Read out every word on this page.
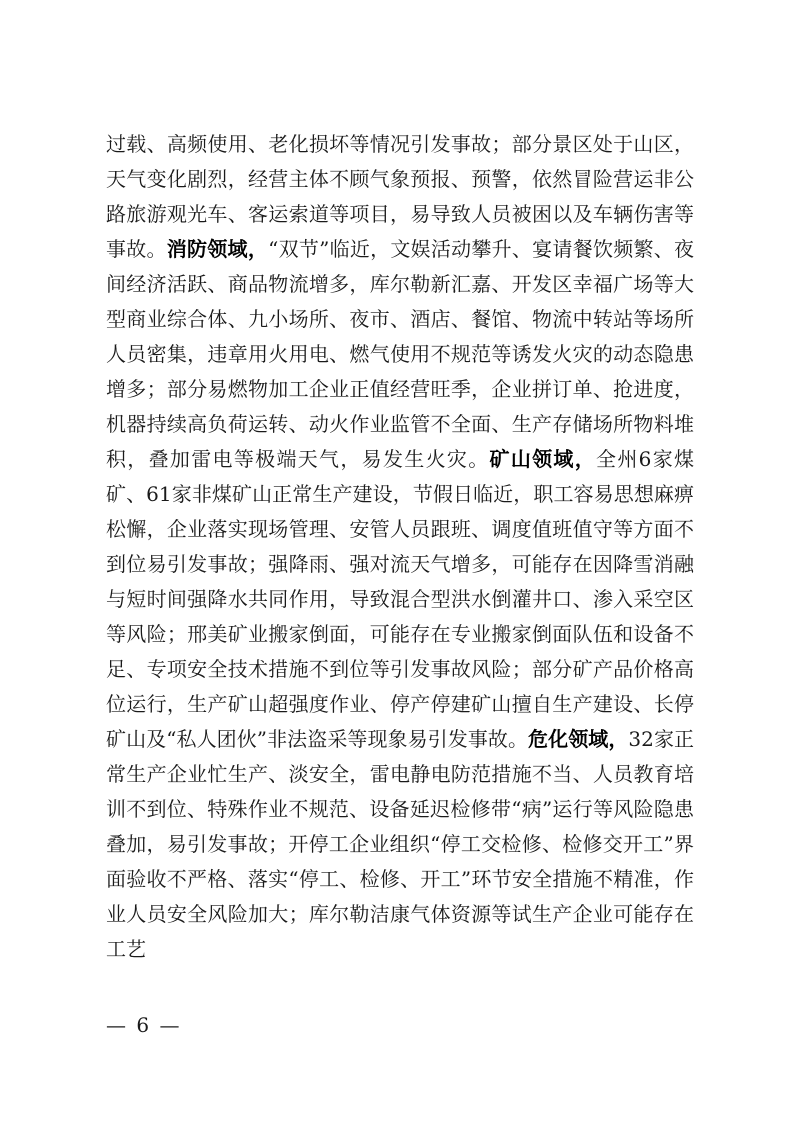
过载、高频使用、老化损坏等情况引发事故；部分景区处于山区，天气变化剧烈，经营主体不顾气象预报、预警，依然冒险营运非公路旅游观光车、客运索道等项目，易导致人员被困以及车辆伤害等事故。消防领域，“双节”临近，文娱活动攀升、宴请餐饮频繁、夜间经济活跃、商品物流增多，库尔勒新汇嘉、开发区幸福广场等大型商业综合体、九小场所、夜市、酒店、餐馆、物流中转站等场所人员密集，违章用火用电、燃气使用不规范等诱发火灾的动态隐患增多；部分易燃物加工企业正值经营旺季，企业拼订单、抢进度，机器持续高负荷运转、动火作业监管不全面、生产存储场所物料堆积，叠加雷电等极端天气，易发生火灾。矿山领域，全州6家煤矿、61家非煤矿山正常生产建设，节假日临近，职工容易思想麻痹松懈，企业落实现场管理、安管人员跟班、调度值班值守等方面不到位易引发事故；强降雨、强对流天气增多，可能存在因降雪消融与短时间强降水共同作用，导致混合型洪水倒灌井口、渗入采空区等风险；邢美矿业搬家倒面，可能存在专业搬家倒面队伍和设备不足、专项安全技术措施不到位等引发事故风险；部分矿产品价格高位运行，生产矿山超强度作业、停产停建矿山擅自生产建设、长停矿山及“私人团伙”非法盗采等现象易引发事故。危化领域，32家正常生产企业忙生产、淡安全，雷电静电防范措施不当、人员教育培训不到位、特殊作业不规范、设备延迟检修带“病”运行等风险隐患叠加，易引发事故；开停工企业组织“停工交检修、检修交开工”界面验收不严格、落实“停工、检修、开工”环节安全措施不精准，作业人员安全风险加大；库尔勒洁康气体资源等试生产企业可能存在工艺

— 6 —
